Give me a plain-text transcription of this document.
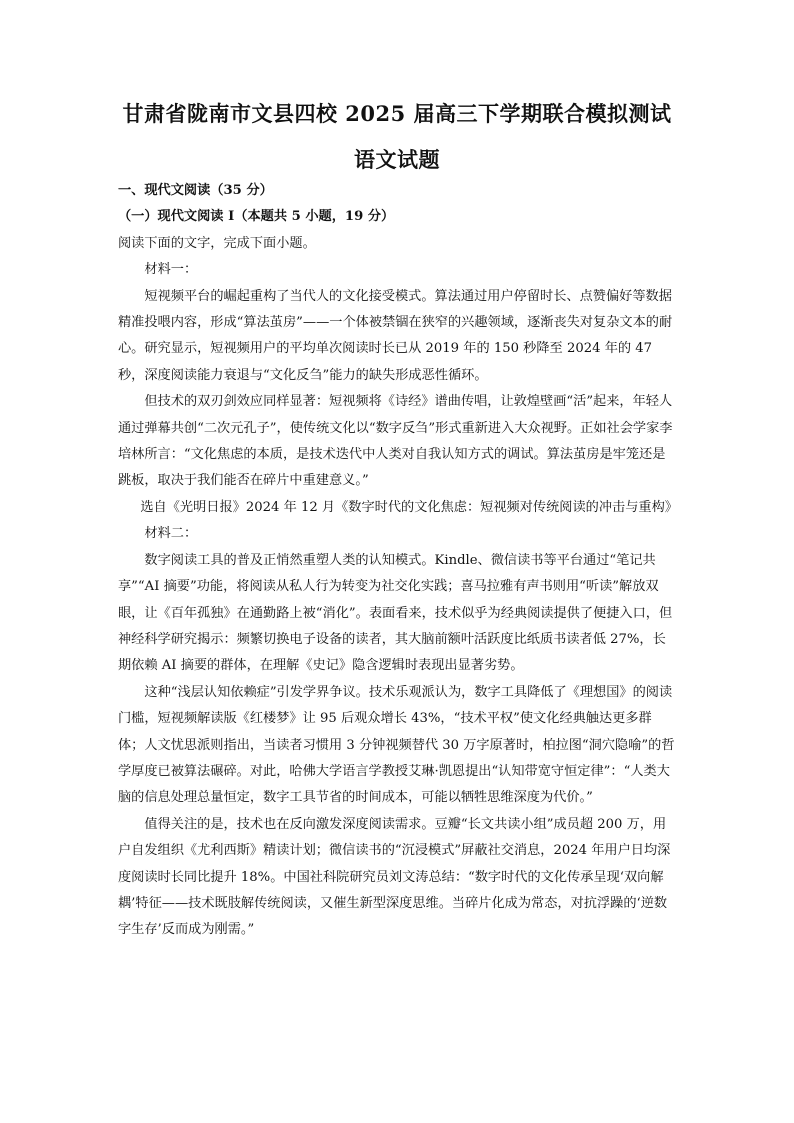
甘肃省陇南市文县四校 2025 届高三下学期联合模拟测试
语文试题

一、现代文阅读（35 分）

（一）现代文阅读 I（本题共 5 小题，19 分）

阅读下面的文字，完成下面小题。

材料一：

短视频平台的崛起重构了当代人的文化接受模式。算法通过用户停留时长、点赞偏好等数据精准投喂内容，形成“算法茧房”——一个体被禁锢在狭窄的兴趣领域，逐渐丧失对复杂文本的耐心。研究显示，短视频用户的平均单次阅读时长已从 2019 年的 150 秒降至 2024 年的 47 秒，深度阅读能力衰退与“文化反刍”能力的缺失形成恶性循环。

但技术的双刃剑效应同样显著：短视频将《诗经》谱曲传唱，让敦煌壁画“活”起来，年轻人通过弹幕共创“二次元孔子”，使传统文化以“数字反刍”形式重新进入大众视野。正如社会学家李培林所言：“文化焦虑的本质，是技术迭代中人类对自我认知方式的调试。算法茧房是牢笼还是跳板，取决于我们能否在碎片中重建意义。”

选自《光明日报》2024 年 12 月《数字时代的文化焦虑：短视频对传统阅读的冲击与重构》

材料二：

数字阅读工具的普及正悄然重塑人类的认知模式。Kindle、微信读书等平台通过“笔记共享”“AI 摘要”功能，将阅读从私人行为转变为社交化实践；喜马拉雅有声书则用“听读”解放双眼，让《百年孤独》在通勤路上被“消化”。表面看来，技术似乎为经典阅读提供了便捷入口，但神经科学研究揭示：频繁切换电子设备的读者，其大脑前额叶活跃度比纸质书读者低 27%，长期依赖 AI 摘要的群体，在理解《史记》隐含逻辑时表现出显著劣势。

这种“浅层认知依赖症”引发学界争议。技术乐观派认为，数字工具降低了《理想国》的阅读门槛，短视频解读版《红楼梦》让 95 后观众增长 43%，“技术平权”使文化经典触达更多群体；人文忧思派则指出，当读者习惯用 3 分钟视频替代 30 万字原著时，柏拉图“洞穴隐喻”的哲学厚度已被算法碾碎。对此，哈佛大学语言学教授艾琳·凯恩提出“认知带宽守恒定律”：“人类大脑的信息处理总量恒定，数字工具节省的时间成本，可能以牺牲思维深度为代价。”

值得关注的是，技术也在反向激发深度阅读需求。豆瓣“长文共读小组”成员超 200 万，用户自发组织《尤利西斯》精读计划；微信读书的“沉浸模式”屏蔽社交消息，2024 年用户日均深度阅读时长同比提升 18%。中国社科院研究员刘文涛总结：“数字时代的文化传承呈现‘双向解耦’特征——技术既肢解传统阅读，又催生新型深度思维。当碎片化成为常态，对抗浮躁的‘逆数字生存’反而成为刚需。”
